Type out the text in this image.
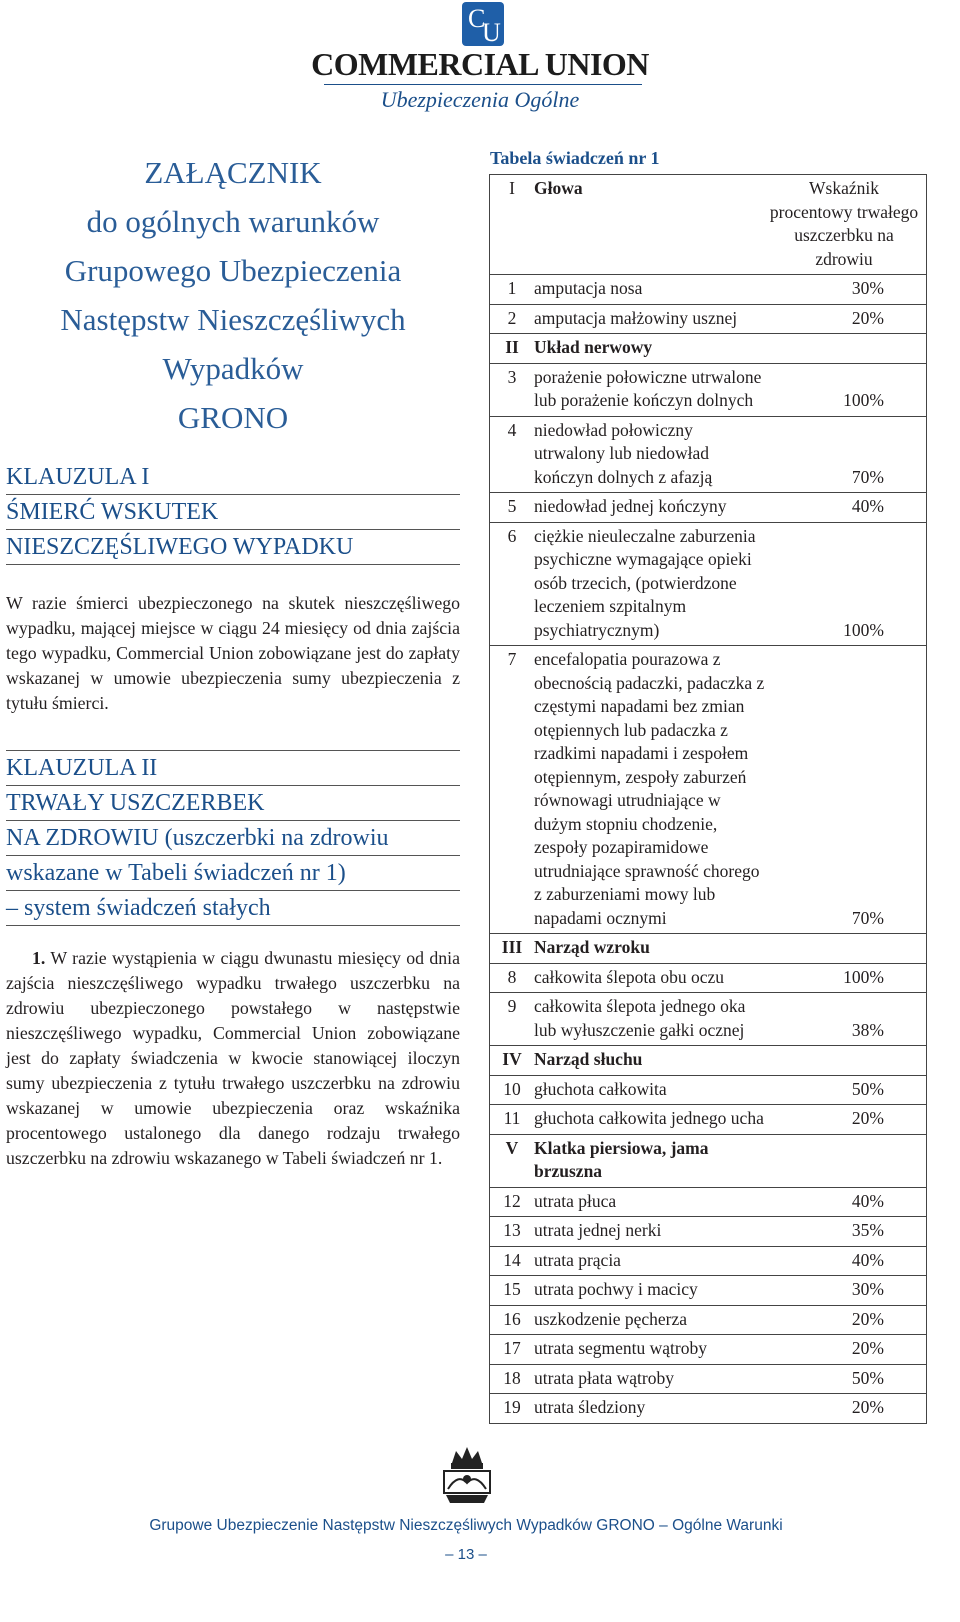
C
U
COMMERCIAL UNION
Ubezpieczenia Ogólne
ZAŁĄCZNIK
do ogólnych warunków
Grupowego Ubezpieczenia
Następstw Nieszczęśliwych
Wypadków
GRONO
KLAUZULA I
ŚMIERĆ WSKUTEK
NIESZCZĘŚLIWEGO WYPADKU
W razie śmierci ubezpieczonego na skutek nieszczęśliwego wypadku, mającej miejsce w ciągu 24 miesięcy od dnia zajścia tego wypadku, Commercial Union zobowiązane jest do zapłaty wskazanej w umowie ubezpieczenia sumy ubezpieczenia z tytułu śmierci.
KLAUZULA II
TRWAŁY USZCZERBEK
NA ZDROWIU (uszczerbki na zdrowiu
wskazane w Tabeli świadczeń nr 1)
– system świadczeń stałych
1. W razie wystąpienia w ciągu dwunastu miesięcy od dnia zajścia nieszczęśliwego wypadku trwałego uszczerbku na zdrowiu ubezpieczonego powstałego w następstwie nieszczęśliwego wypadku, Commercial Union zobowiązane jest do zapłaty świadczenia w kwocie stanowiącej iloczyn sumy ubezpieczenia z tytułu trwałego uszczerbku na zdrowiu wskazanej w umowie ubezpieczenia oraz wskaźnika procentowego ustalonego dla danego rodzaju trwałego uszczerbku na zdrowiu wskazanego w Tabeli świadczeń nr 1.
Tabela świadczeń nr 1
I	Głowa	Wskaźnik procentowy trwałego uszczerbku na zdrowiu
1	amputacja nosa	30%
2	amputacja małżowiny usznej	20%
II	Układ nerwowy	
3	porażenie połowiczne utrwalone lub porażenie kończyn dolnych	100%
4	niedowład połowiczny utrwalony lub niedowład kończyn dolnych z afazją	70%
5	niedowład jednej kończyny	40%
6	ciężkie nieuleczalne zaburzenia psychiczne wymagające opieki osób trzecich, (potwierdzone leczeniem szpitalnym psychiatrycznym)	100%
7	encefalopatia pourazowa z obecnością padaczki, padaczka z częstymi napadami bez zmian otępiennych lub padaczka z rzadkimi napadami i zespołem otępiennym, zespoły zaburzeń równowagi utrudniające w dużym stopniu chodzenie, zespoły pozapiramidowe utrudniające sprawność chorego z zaburzeniami mowy lub napadami ocznymi	70%
III	Narząd wzroku	
8	całkowita ślepota obu oczu	100%
9	całkowita ślepota jednego oka lub wyłuszczenie gałki ocznej	38%
IV	Narząd słuchu	
10	głuchota całkowita	50%
11	głuchota całkowita jednego ucha	20%
V	Klatka piersiowa, jama brzuszna	
12	utrata płuca	40%
13	utrata jednej nerki	35%
14	utrata prącia	40%
15	utrata pochwy i macicy	30%
16	uszkodzenie pęcherza	20%
17	utrata segmentu wątroby	20%
18	utrata płata wątroby	50%
19	utrata śledziony	20%
Grupowe Ubezpieczenie Następstw Nieszczęśliwych Wypadków GRONO – Ogólne Warunki
– 13 –
